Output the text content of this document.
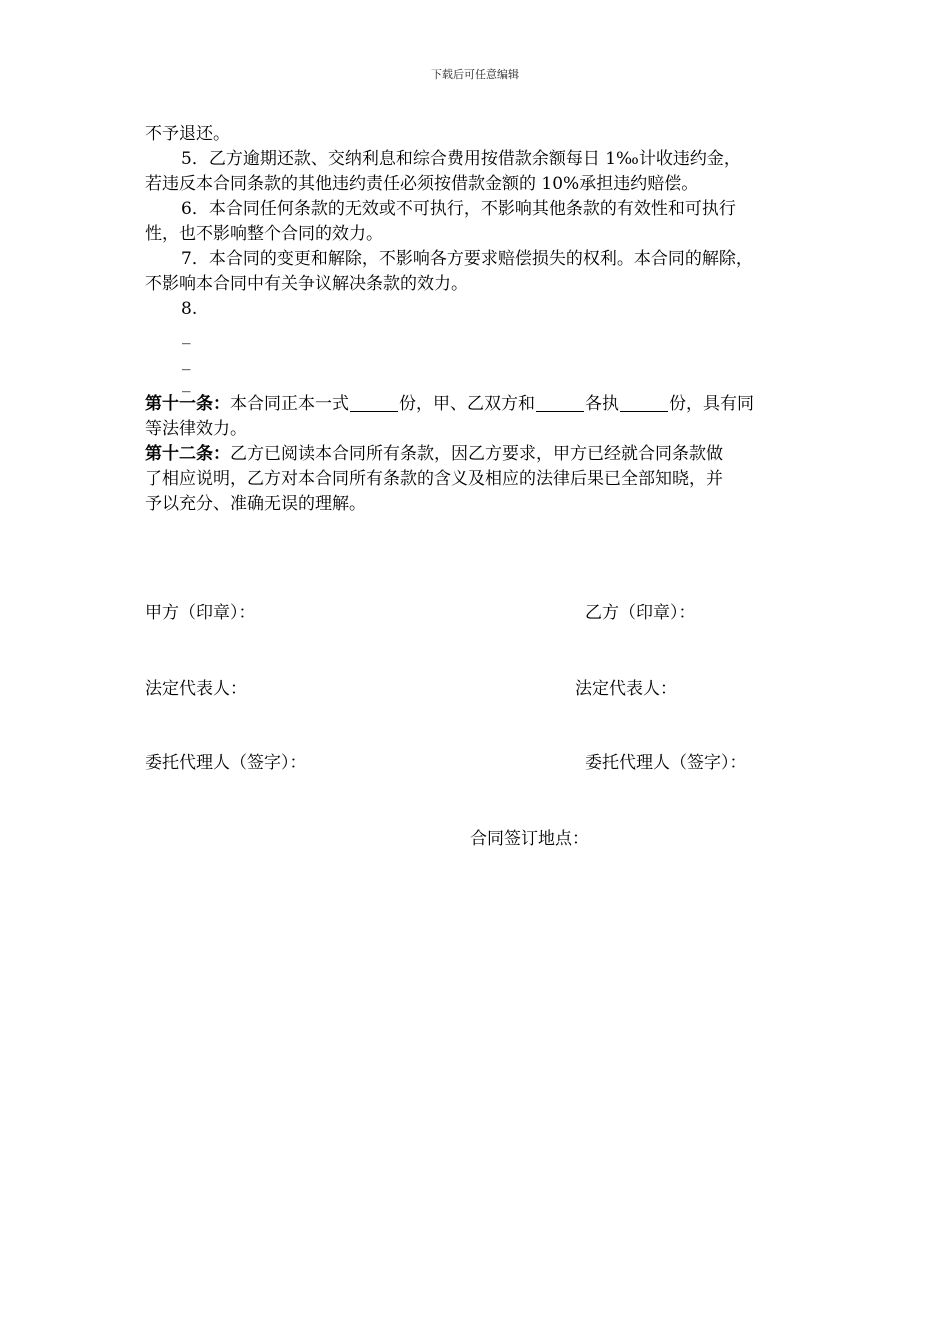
下载后可任意编辑
不予退还。
5．乙方逾期还款、交纳利息和综合费用按借款余额每日 1‰计收违约金，
若违反本合同条款的其他违约责任必须按借款金额的 10%承担违约赔偿。
6．本合同任何条款的无效或不可执行，不影响其他条款的有效性和可执行
性，也不影响整个合同的效力。
7．本合同的变更和解除，不影响各方要求赔偿损失的权利。本合同的解除，
不影响本合同中有关争议解决条款的效力。
8.
_
_
_
第十一条：本合同正本一式	份，甲、乙双方和	各执	份，具有同
等法律效力。
第十二条：乙方已阅读本合同所有条款，因乙方要求，甲方已经就合同条款做
了相应说明，乙方对本合同所有条款的含义及相应的法律后果已全部知晓，并
予以充分、准确无误的理解。
甲方（印章）：	乙方（印章）：
法定代表人：	法定代表人：
委托代理人（签字）：	委托代理人（签字）：
合同签订地点：
